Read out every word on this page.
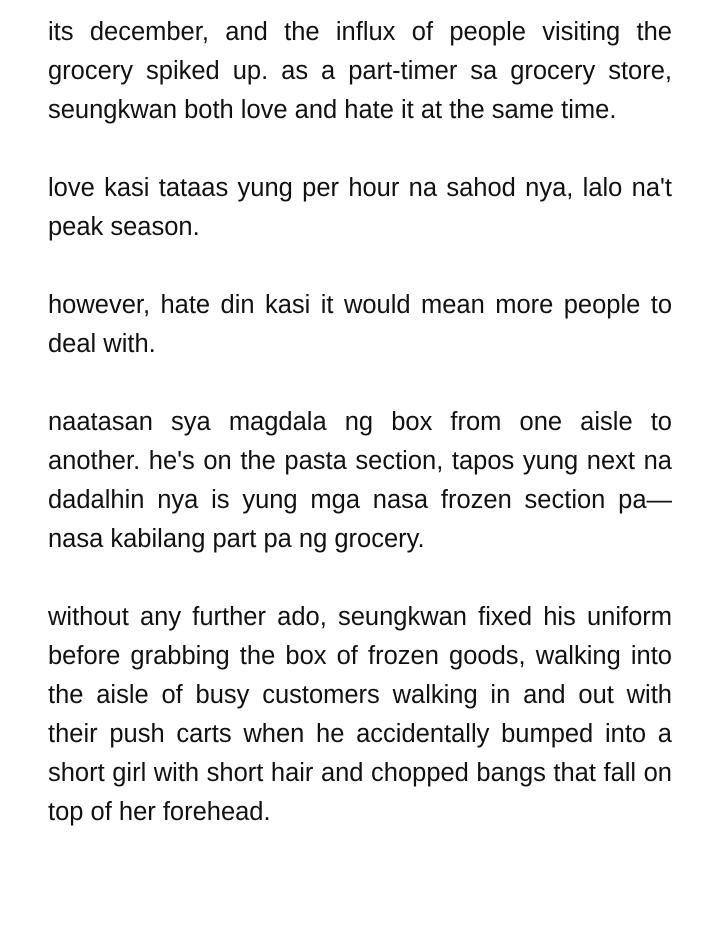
its december, and the influx of people visiting the grocery spiked up. as a part-timer sa grocery store, seungkwan both love and hate it at the same time.

love kasi tataas yung per hour na sahod nya, lalo na't peak season.

however, hate din kasi it would mean more people to deal with.

naatasan sya magdala ng box from one aisle to another. he's on the pasta section, tapos yung next na dadalhin nya is yung mga nasa frozen section pa—nasa kabilang part pa ng grocery.

without any further ado, seungkwan fixed his uniform before grabbing the box of frozen goods, walking into the aisle of busy customers walking in and out with their push carts when he accidentally bumped into a short girl with short hair and chopped bangs that fall on top of her forehead.
